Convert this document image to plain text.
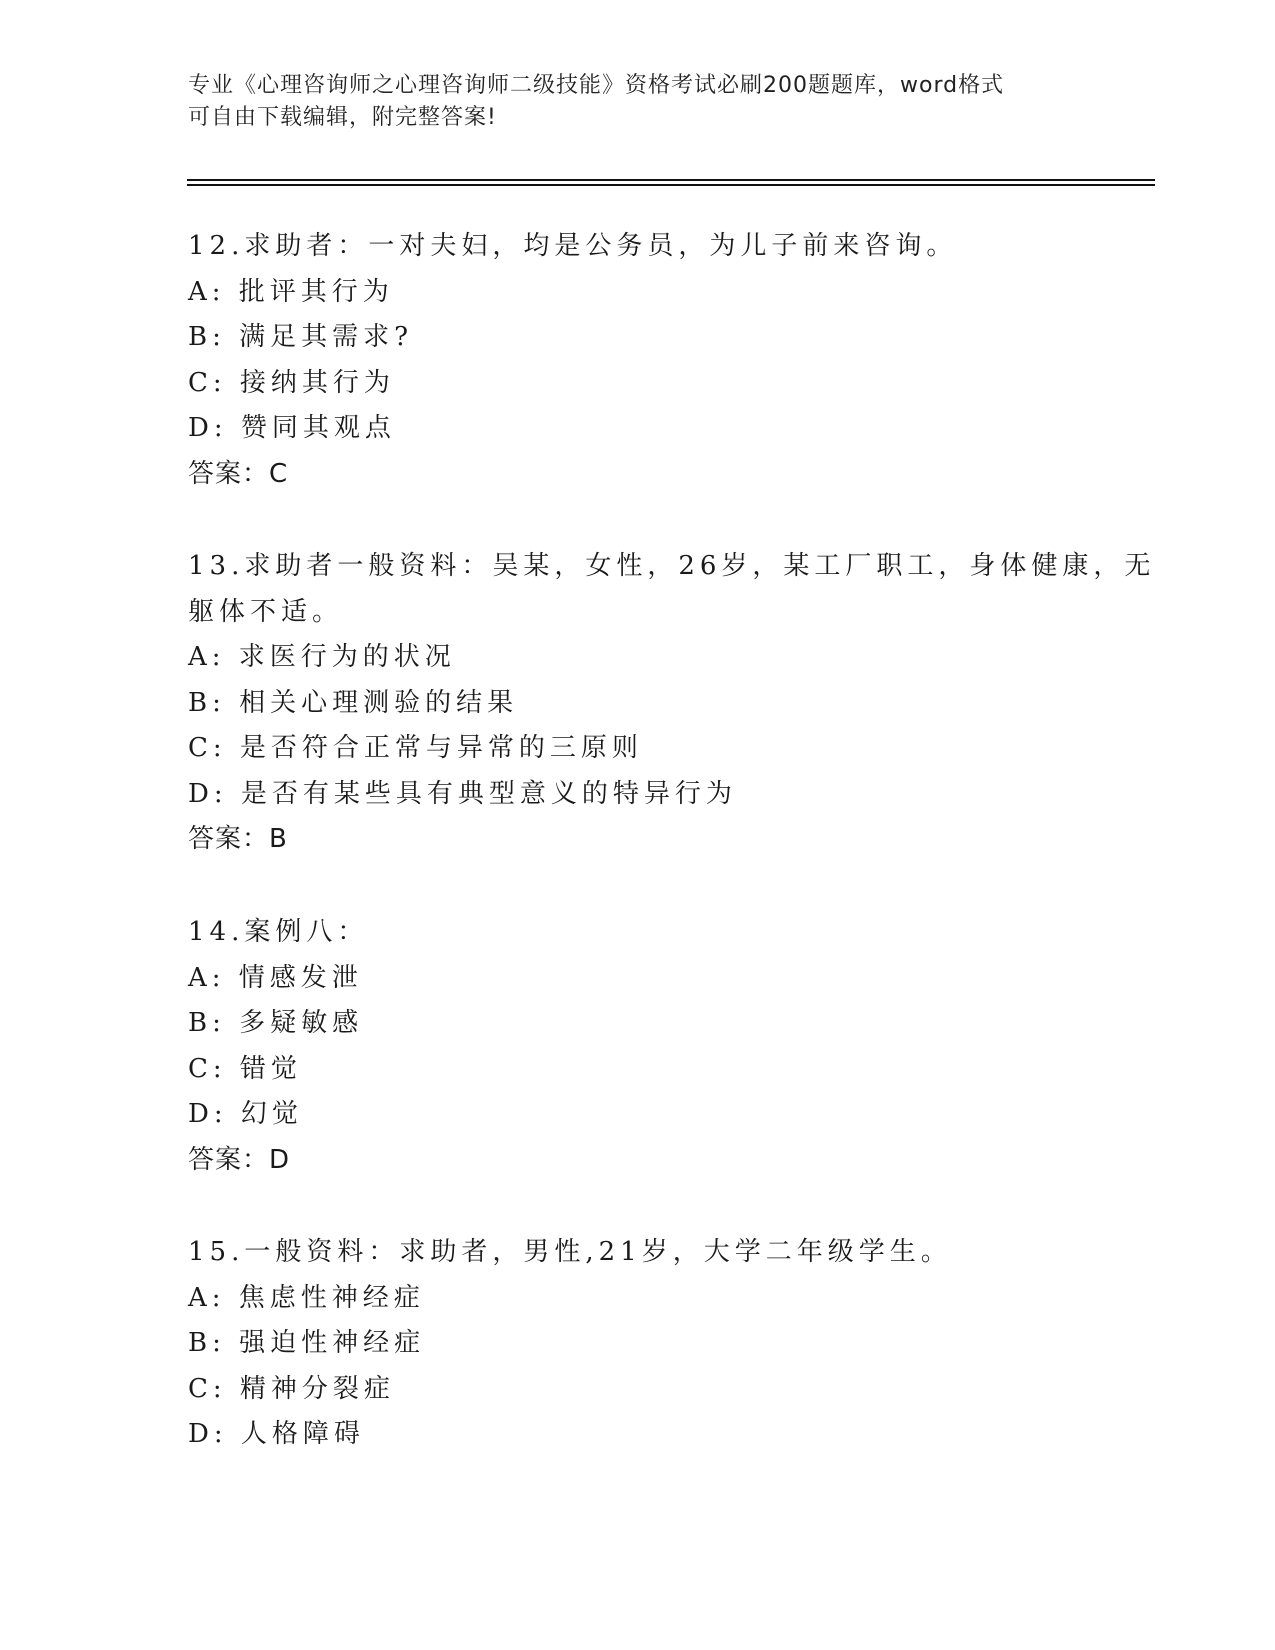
专业《心理咨询师之心理咨询师二级技能》资格考试必刷200题题库，word格式
可自由下载编辑，附完整答案!

12.求助者：一对夫妇，均是公务员，为儿子前来咨询。

A: 批评其行为

B: 满足其需求?

C: 接纳其行为

D: 赞同其观点

答案：C

13.求助者一般资料：吴某，女性，26岁，某工厂职工，身体健康，无
躯体不适。

A: 求医行为的状况

B: 相关心理测验的结果

C: 是否符合正常与异常的三原则

D: 是否有某些具有典型意义的特异行为

答案：B

14.案例八：

A: 情感发泄

B: 多疑敏感

C: 错觉

D: 幻觉

答案：D

15.一般资料：求助者，男性,21岁，大学二年级学生。

A: 焦虑性神经症

B: 强迫性神经症

C: 精神分裂症

D: 人格障碍
